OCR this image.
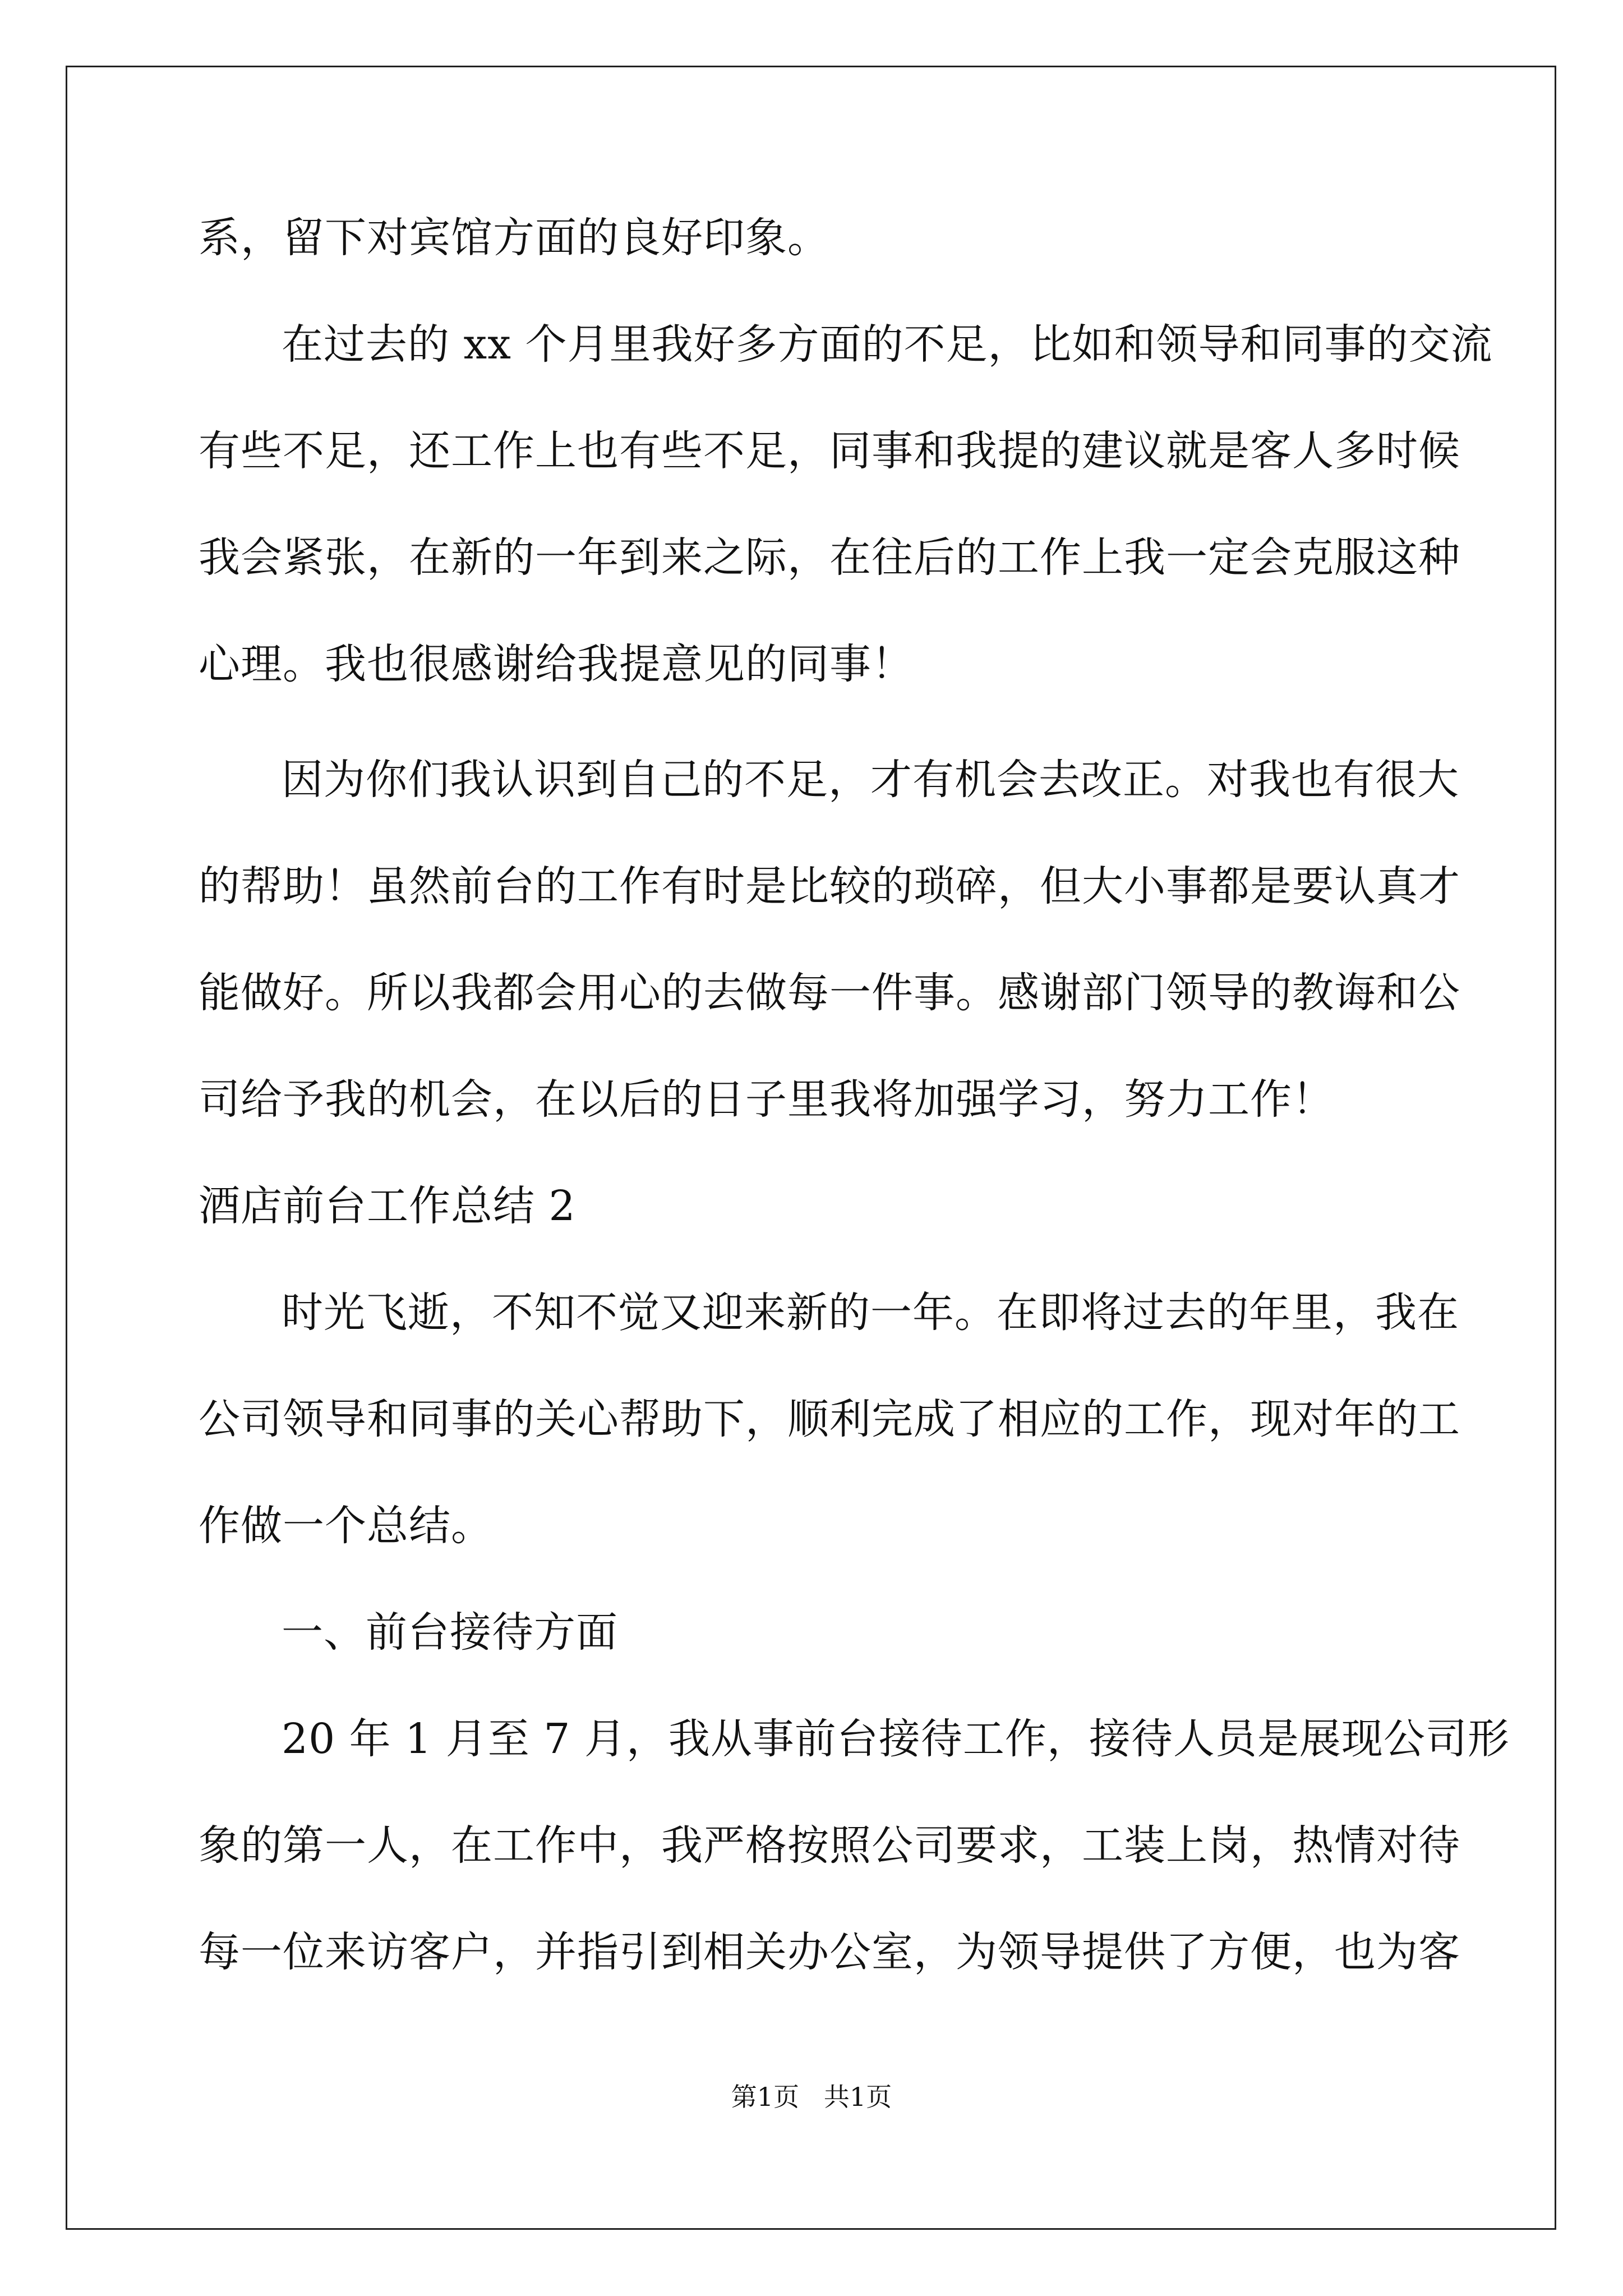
系，留下对宾馆方面的良好印象。
在过去的 xx 个月里我好多方面的不足，比如和领导和同事的交流
有些不足，还工作上也有些不足，同事和我提的建议就是客人多时候
我会紧张，在新的一年到来之际，在往后的工作上我一定会克服这种
心理。我也很感谢给我提意见的同事！
因为你们我认识到自己的不足，才有机会去改正。对我也有很大
的帮助！虽然前台的工作有时是比较的琐碎，但大小事都是要认真才
能做好。所以我都会用心的去做每一件事。感谢部门领导的教诲和公
司给予我的机会，在以后的日子里我将加强学习，努力工作！
酒店前台工作总结 2
时光飞逝，不知不觉又迎来新的一年。在即将过去的年里，我在
公司领导和同事的关心帮助下，顺利完成了相应的工作，现对年的工
作做一个总结。
一、前台接待方面
20 年 1 月至 7 月，我从事前台接待工作，接待人员是展现公司形
象的第一人，在工作中，我严格按照公司要求，工装上岗，热情对待
每一位来访客户，并指引到相关办公室，为领导提供了方便，也为客
第1页   共1页
